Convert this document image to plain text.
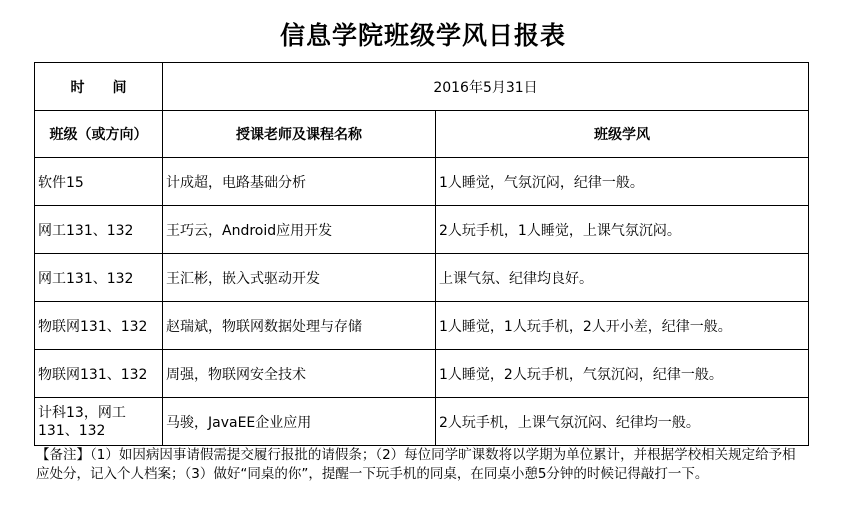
信息学院班级学风日报表
时　　间	2016年5月31日	
班级（或方向）	授课老师及课程名称	班级学风
软件15	计成超，电路基础分析	1人睡觉，气氛沉闷，纪律一般。
网工131、132	王巧云，Android应用开发	2人玩手机，1人睡觉，上课气氛沉闷。
网工131、132	王汇彬，嵌入式驱动开发	上课气氛、纪律均良好。
物联网131、132	赵瑞斌，物联网数据处理与存储	1人睡觉，1人玩手机，2人开小差，纪律一般。
物联网131、132	周强，物联网安全技术	1人睡觉，2人玩手机，气氛沉闷，纪律一般。
计科13，网工131、132	马骏，JavaEE企业应用	2人玩手机，上课气氛沉闷、纪律均一般。
【备注】（1）如因病因事请假需提交履行报批的请假条；（2）每位同学旷课数将以学期为单位累计，并根据学校相关规定给予相应处分，记入个人档案；（3）做好“同桌的你”，提醒一下玩手机的同桌，在同桌小憩5分钟的时候记得敲打一下。
